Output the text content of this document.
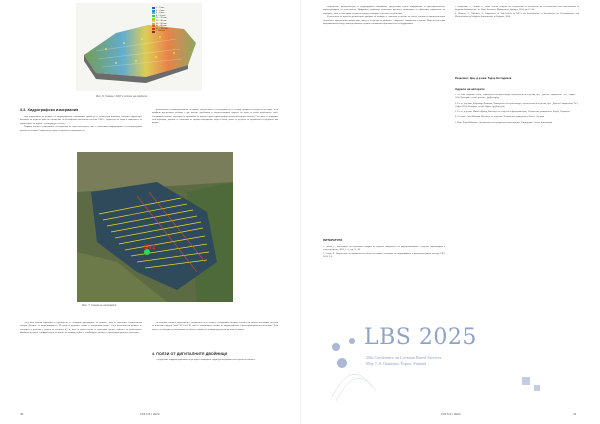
1 – 2 mm
2 – 4 mm
4 – 6 mm
6 – 10 mm
10 – 20 mm
20 – 40 mm
40 – 60 mm
60 – 80 mm
80 – 100 mm
> 100 mm
Фиг. 6. Схема с GCP и плочки на гредите
3.2. Хидрографски измервания

При обработката на данните от хидрографските измервания трябва да се вземат под внимание следните параметри: височина на водното ниво по отношение на Балтийската височинна система 1982 г., скоростта на звука в зависимост от параметрите на водата – температура, солено...

Първата стъпка е изчисляване на скоростта на звука във водата, като е използвана информацията от температурния датчик на ехолота. Скоростта на звука се променя в зависимост от

дълбочината и характеристиките на водата, гредата която и необходимо да се създаде профил на скоростта на звука. Тези профили предоставят таблица с две колони: дълбочина и съответстващата скорост на звука за всеки дълбочинен слой. Следващата стъпка е корекция за промяната на водното ниво спрямо референтната височинна система. След като се извършат тези корекции, данните се изчистват от грешни измервания, шум и точки, които са резултат от отражения от предмети във водата.

SV1
Фиг. 7. Схема на галсовете

След като всички корекции са приложени, се извършва филтриране на данните, като се използват статистически методи. Данните са визуализирани в 3D среда и грешните точки се отстраняват ръчно. След почистването данните се генерират в решетка с размер на клетката 0,5 м, като за всяка клетка се изчислява средна стойност на дълбочината. Крайният резултат е цифров модел на дъното на язовира, който се комбинира с данните от фотограметричното заснемане.

Последната стъпка в обработката е създаването на TIN модел (Triangulated Irregular Network) на дъното на язовира. За целта се използва софтуер AutoCAD Civil 3D, като се комбинират точките от хидрографското и фотограметричното заснемане. Този модел е необходим за изчисляване на обема и площта на язовира при различни нива на водата.

4. ПОЛЗИ ОТ ДИГИТАЛНИТЕ ДВОЙНИЦИ

Създадените цифрови двойници на релефа и язовирната структура получават ясно изразена стойност

40	ГКЗ 5-6 / 2024

съоръжение, фотограметрия и хидрографски измервания, предоставят ценна информация за пространственото характеризиране на състоянието. Цифровите двойници позволяват прецизен мониторинг и ефективно управление на язовирите, като се осигурява основа за бъдещо планиране и вземане на решения.

В контекста на проекта дигиталният двойник на язовира се използва за анализ на обема, площта и пропускателната способност при различни водни нива, както и за оценка на рисковете, свързани с наводнения и ерозия. Моделът улеснява комуникацията между заинтересованите страни и повишава ефективността на поддръжката.

ЛИТЕРАТУРА

1. Анева, Р., Изследване на надлъжния профил на водната повърхност на водохранилищата. Геодезия, картография и земеустройство, 2023, 1–2, стр. 31–38.

2. Анева, Р., Определяне на промяната на обема на язовир с помощта на хидрографски и фотограметрични методи. ГКЗ, 2024, 3–4.

3. Богданова, С., Лечков, П., Multi Criteria Analysis for Prioritization of Investments for Reconstruction and Modernization of Irrigation Infrastructure, in: Water Resources Management, Springer, 2024, pp. 17–44.

4. Милева, Р., Nikolova, S., Importance of Sub-Criteria in MCA for Prioritization of Investments for Reconstruction and Modernization of Irrigation Infrastructure in Bulgaria, 2024.

Рецензент: Доц. д-р инж. Тодор Костадинов
Адреси на авторите

1. Ас. инж. Мариян Генчев, Университет по архитектура, строителство и геодезия, бул. „Христо Смирненски" № 1, София 1164, България, e-mail: genchev_fgs@uacg.bg

2. Гл. ас. д-р инж. Добромир Филипов, Университет по архитектура, строителство и геодезия, бул. „Христо Смирненски" № 1, София 1164, България, e-mail: filipov_fgs@uacg.bg

3. Гл. ас. д-р инж. Михаел Кранц, Институт по геодезия и фотограметрия, Технически университет, Бохум, Германия

4. Ас. инж. Анна Ванкова, Институт по геодезия, Технически университет, Виена, Австрия

5. Инж. Карл Кайпонен, Департамент по гражданско инженерство, Университет Аалто, Финландия

LBS 2025
20th Conference on Location Based Services
May 7–9, Otaniemi, Espoo, Finland
ГКЗ 5-6 / 2024	41
